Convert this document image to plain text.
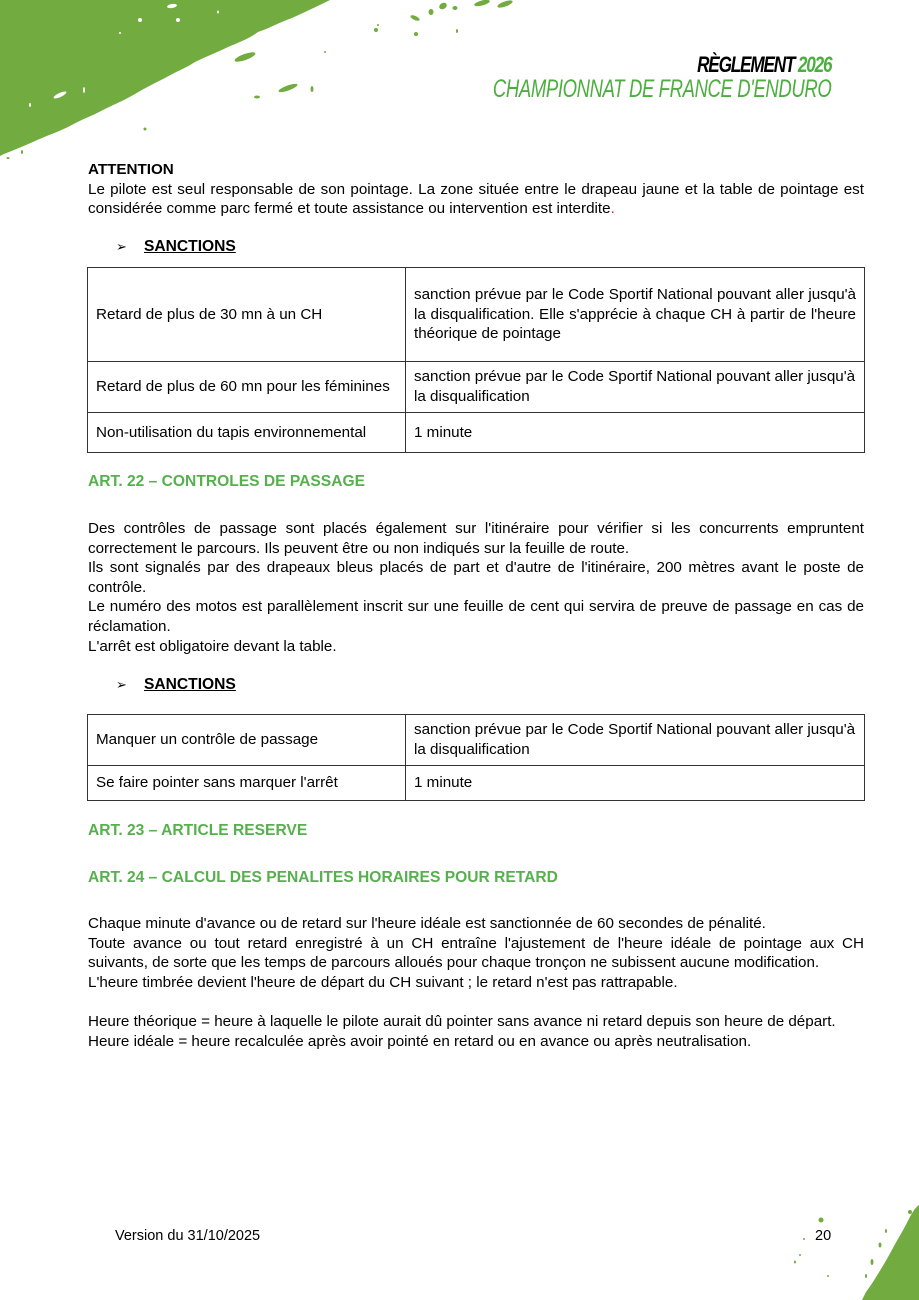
RÈGLEMENT 2026
CHAMPIONNAT DE FRANCE D'ENDURO
ATTENTION
Le pilote est seul responsable de son pointage. La zone située entre le drapeau jaune et la table de pointage est considérée comme parc fermé et toute assistance ou intervention est interdite.
➢ SANCTIONS
Retard de plus de 30 mn à un CH	sanction prévue par le Code Sportif National pouvant aller jusqu'à la disqualification. Elle s'apprécie à chaque CH à partir de l'heure théorique de pointage
Retard de plus de 60 mn pour les féminines	sanction prévue par le Code Sportif National pouvant aller jusqu'à la disqualification
Non-utilisation du tapis environnemental	1 minute
ART. 22 – CONTROLES DE PASSAGE
Des contrôles de passage sont placés également sur l'itinéraire pour vérifier si les concurrents empruntent correctement le parcours. Ils peuvent être ou non indiqués sur la feuille de route.
Ils sont signalés par des drapeaux bleus placés de part et d'autre de l'itinéraire, 200 mètres avant le poste de contrôle.
Le numéro des motos est parallèlement inscrit sur une feuille de cent qui servira de preuve de passage en cas de réclamation.
L'arrêt est obligatoire devant la table.
➢ SANCTIONS
Manquer un contrôle de passage	sanction prévue par le Code Sportif National pouvant aller jusqu'à la disqualification
Se faire pointer sans marquer l'arrêt	1 minute
ART. 23 – ARTICLE RESERVE
ART. 24 – CALCUL DES PENALITES HORAIRES POUR RETARD
Chaque minute d'avance ou de retard sur l'heure idéale est sanctionnée de 60 secondes de pénalité.
Toute avance ou tout retard enregistré à un CH entraîne l'ajustement de l'heure idéale de pointage aux CH suivants, de sorte que les temps de parcours alloués pour chaque tronçon ne subissent aucune modification.
L'heure timbrée devient l'heure de départ du CH suivant ; le retard n'est pas rattrapable.
Heure théorique = heure à laquelle le pilote aurait dû pointer sans avance ni retard depuis son heure de départ.
Heure idéale = heure recalculée après avoir pointé en retard ou en avance ou après neutralisation.
Version du 31/10/2025	20
